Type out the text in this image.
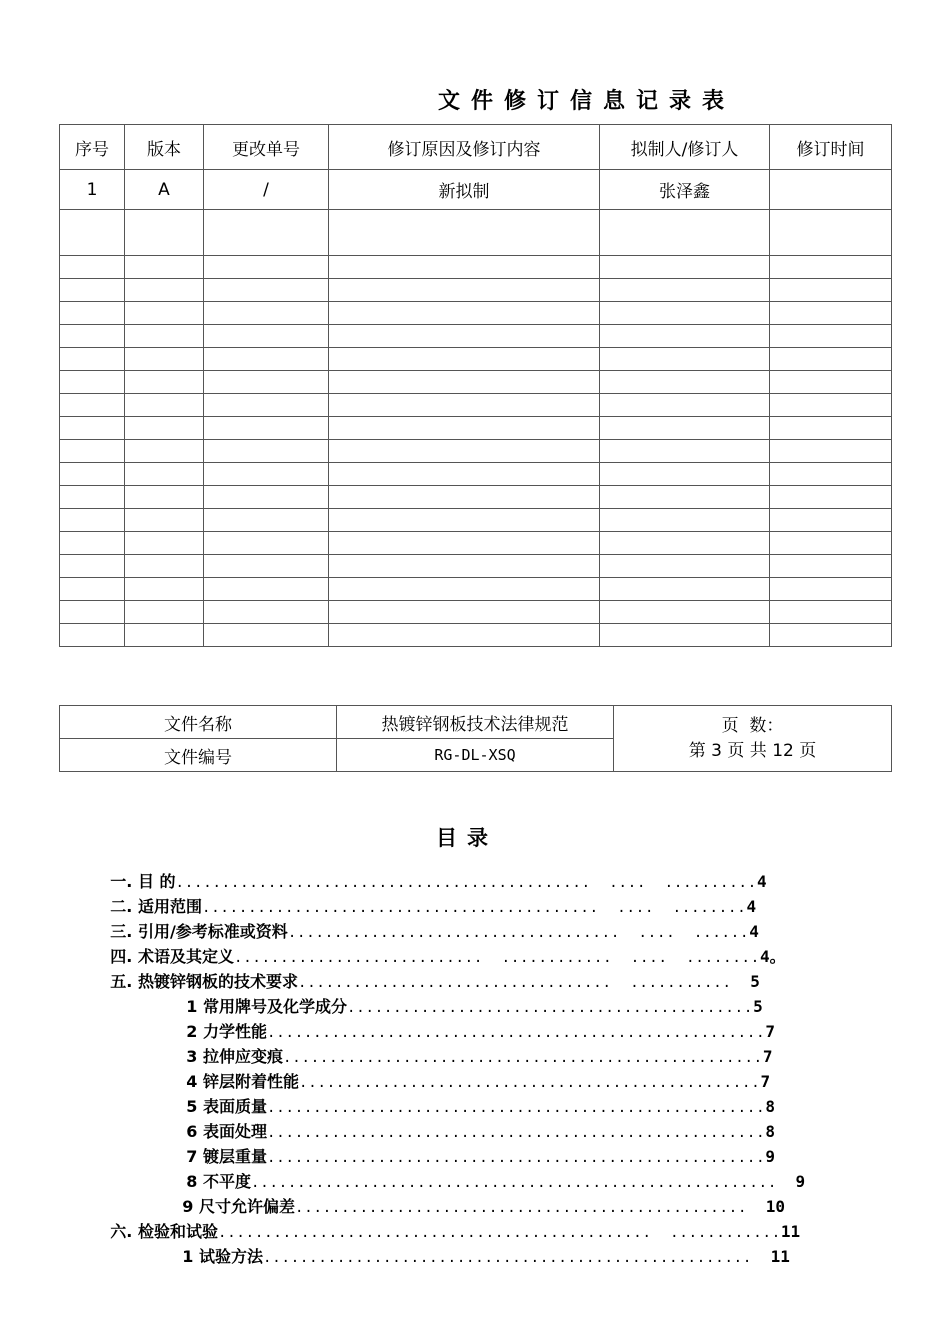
文件修订信息记录表
序号	版本	更改单号	修订原因及修订内容	拟制人/修订人	修订时间
1	A	/	新拟制	张泽鑫	

文件名称	热镀锌钢板技术法律规范	页  数：
第 3 页 共 12 页

文件编号	RG-DL-XSQ	
目录

一. 目 的.............................................  ....  ..........4

二. 适用范围...........................................  ....  ........4

三. 引用/参考标准或资料....................................  ....  ......4

四. 术语及其定义...........................  ............  ....  ........4。

五. 热镀锌钢板的技术要求..................................  ...........  5

1 常用牌号及化学成分............................................5

2 力学性能......................................................7

3 拉伸应变痕....................................................7

4 锌层附着性能..................................................7

5 表面质量......................................................8

6 表面处理......................................................8

7 镀层重量......................................................9

8 不平度.........................................................  9

9 尺寸允许偏差.................................................  10

六. 检验和试验...............................................  ............11

1 试验方法.....................................................  11
